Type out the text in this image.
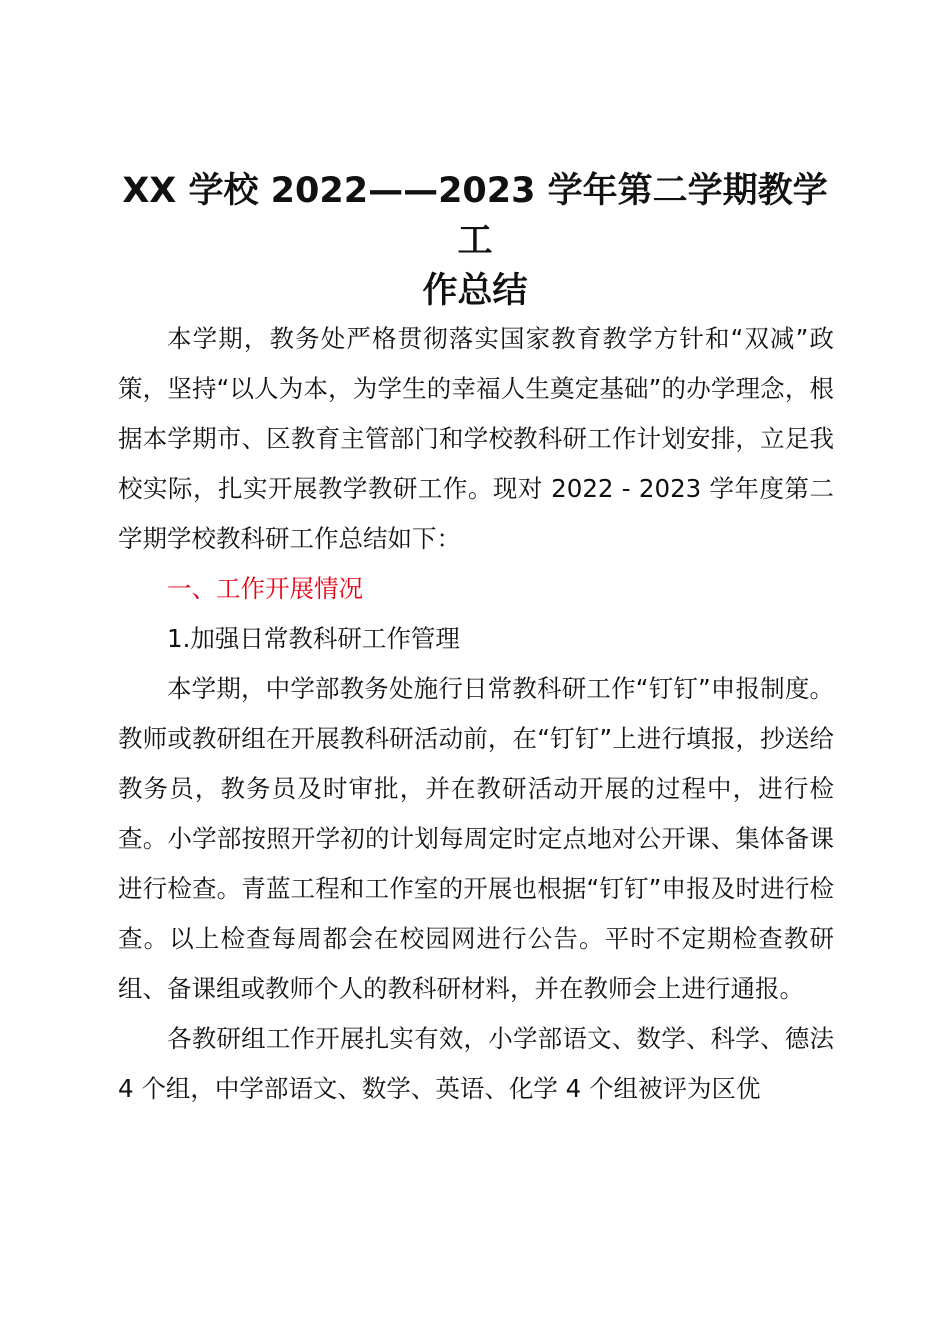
XX 学校 2022——2023 学年第二学期教学工
作总结

本学期，教务处严格贯彻落实国家教育教学方针和“双减”政策，坚持“以人为本，为学生的幸福人生奠定基础”的办学理念，根据本学期市、区教育主管部门和学校教科研工作计划安排，立足我校实际，扎实开展教学教研工作。现对 2022 - 2023 学年度第二学期学校教科研工作总结如下：

一、工作开展情况

1.加强日常教科研工作管理

本学期，中学部教务处施行日常教科研工作“钉钉”申报制度。教师或教研组在开展教科研活动前，在“钉钉”上进行填报，抄送给教务员，教务员及时审批，并在教研活动开展的过程中，进行检查。小学部按照开学初的计划每周定时定点地对公开课、集体备课进行检查。青蓝工程和工作室的开展也根据“钉钉”申报及时进行检查。以上检查每周都会在校园网进行公告。平时不定期检查教研组、备课组或教师个人的教科研材料，并在教师会上进行通报。

各教研组工作开展扎实有效，小学部语文、数学、科学、德法 4 个组，中学部语文、数学、英语、化学 4 个组被评为区优
